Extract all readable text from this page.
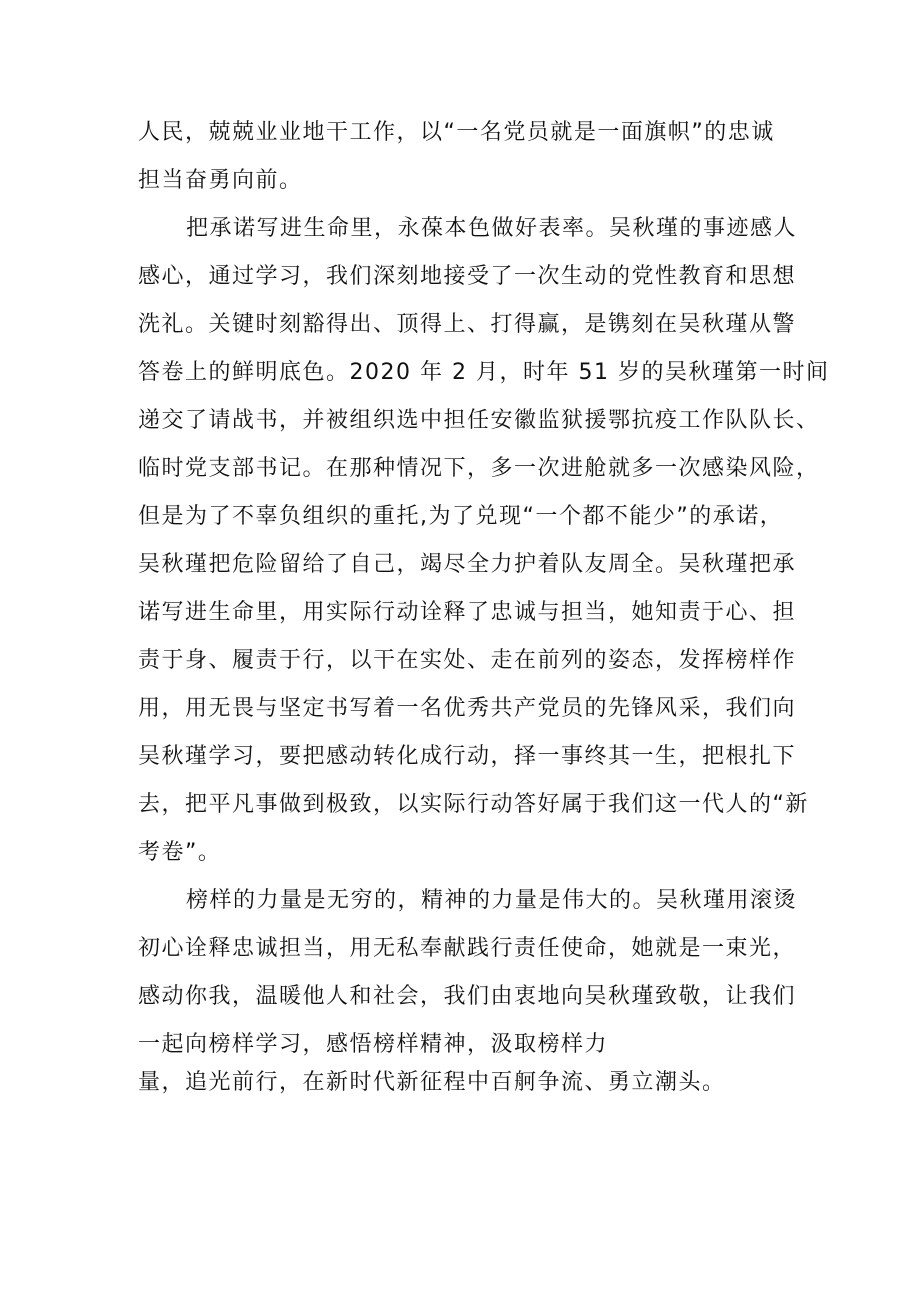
人民，兢兢业业地干工作，以“一名党员就是一面旗帜”的忠诚
担当奋勇向前。
把承诺写进生命里，永葆本色做好表率。吴秋瑾的事迹感人
感心，通过学习，我们深刻地接受了一次生动的党性教育和思想
洗礼。关键时刻豁得出、顶得上、打得赢，是镌刻在吴秋瑾从警
答卷上的鲜明底色。2020 年 2 月，时年 51 岁的吴秋瑾第一时间
递交了请战书，并被组织选中担任安徽监狱援鄂抗疫工作队队长、
临时党支部书记。在那种情况下，多一次进舱就多一次感染风险，
但是为了不辜负组织的重托,为了兑现“一个都不能少”的承诺，
吴秋瑾把危险留给了自己，竭尽全力护着队友周全。吴秋瑾把承
诺写进生命里，用实际行动诠释了忠诚与担当，她知责于心、担
责于身、履责于行，以干在实处、走在前列的姿态，发挥榜样作
用，用无畏与坚定书写着一名优秀共产党员的先锋风采，我们向
吴秋瑾学习，要把感动转化成行动，择一事终其一生，把根扎下
去，把平凡事做到极致，以实际行动答好属于我们这一代人的“新
考卷”。
榜样的力量是无穷的，精神的力量是伟大的。吴秋瑾用滚烫
初心诠释忠诚担当，用无私奉献践行责任使命，她就是一束光，
感动你我，温暖他人和社会，我们由衷地向吴秋瑾致敬，让我们
一起向榜样学习，感悟榜样精神，汲取榜样力
量，追光前行，在新时代新征程中百舸争流、勇立潮头。
